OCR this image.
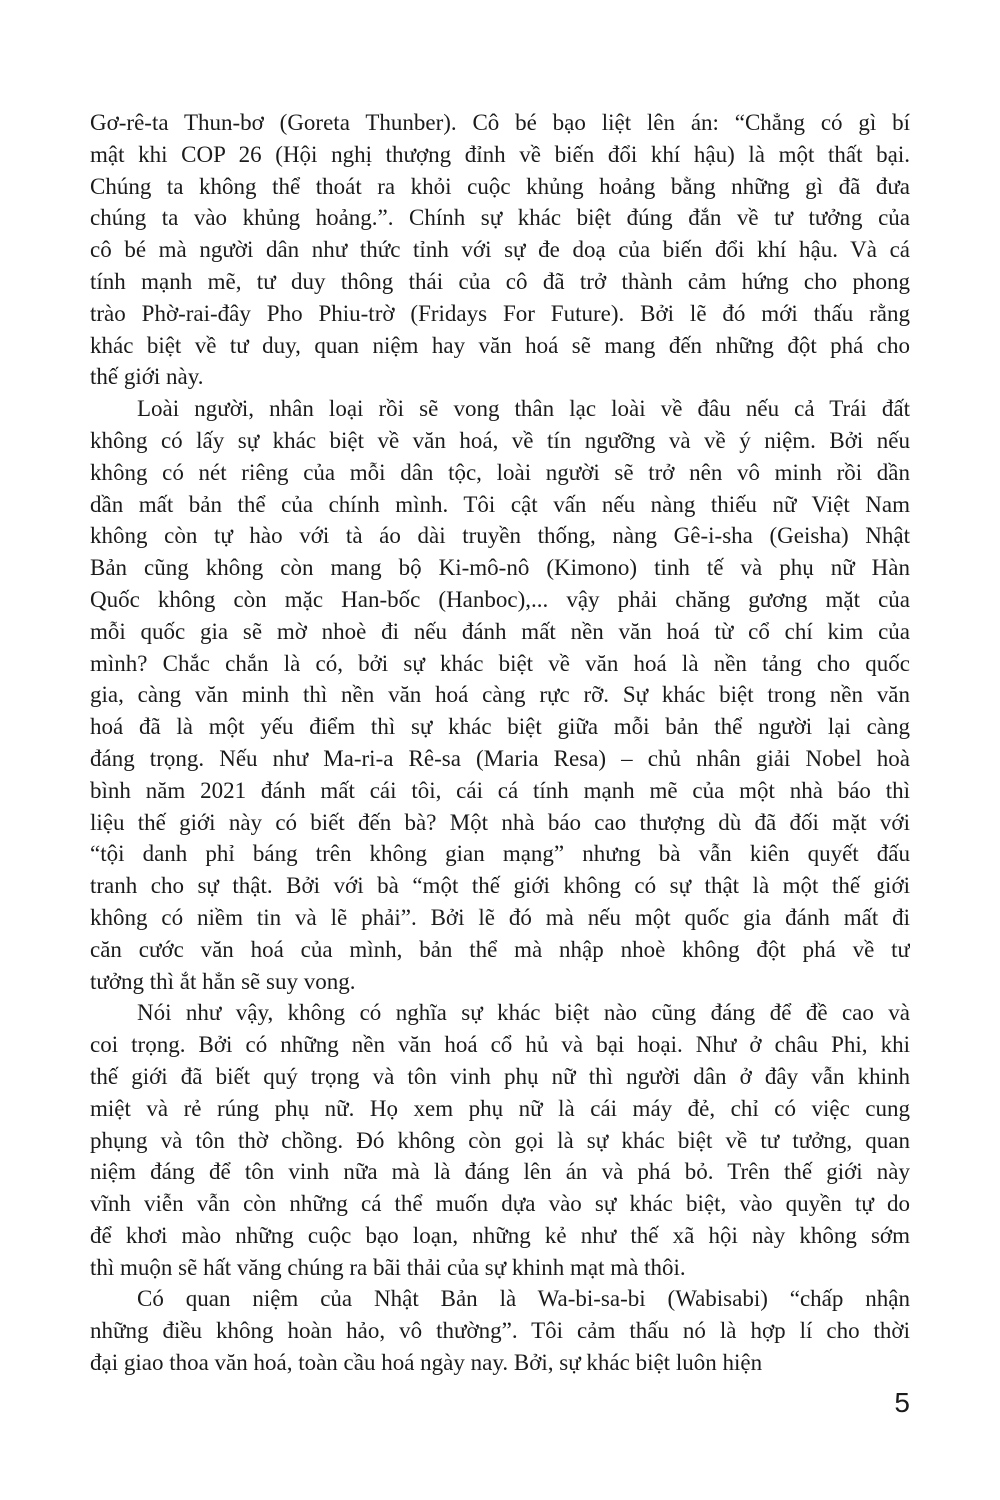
Gơ-rê-ta Thun-bơ (Goreta Thunber). Cô bé bạo liệt lên án: “Chẳng có gì bí
mật khi COP 26 (Hội nghị thượng đỉnh về biến đổi khí hậu) là một thất bại.
Chúng ta không thể thoát ra khỏi cuộc khủng hoảng bằng những gì đã đưa
chúng ta vào khủng hoảng.”. Chính sự khác biệt đúng đắn về tư tưởng của
cô bé mà người dân như thức tỉnh với sự đe doạ của biến đổi khí hậu. Và cá
tính mạnh mẽ, tư duy thông thái của cô đã trở thành cảm hứng cho phong
trào Phờ-rai-đây Pho Phiu-trờ (Fridays For Future). Bởi lẽ đó mới thấu rằng
khác biệt về tư duy, quan niệm hay văn hoá sẽ mang đến những đột phá cho
thế giới này.
Loài người, nhân loại rồi sẽ vong thân lạc loài về đâu nếu cả Trái đất
không có lấy sự khác biệt về văn hoá, về tín ngưỡng và về ý niệm. Bởi nếu
không có nét riêng của mỗi dân tộc, loài người sẽ trở nên vô minh rồi dần
dần mất bản thể của chính mình. Tôi cật vấn nếu nàng thiếu nữ Việt Nam
không còn tự hào với tà áo dài truyền thống, nàng Gê-i-sha (Geisha) Nhật
Bản cũng không còn mang bộ Ki-mô-nô (Kimono) tinh tế và phụ nữ Hàn
Quốc không còn mặc Han-bốc (Hanboc),... vậy phải chăng gương mặt của
mỗi quốc gia sẽ mờ nhoè đi nếu đánh mất nền văn hoá từ cổ chí kim của
mình? Chắc chắn là có, bởi sự khác biệt về văn hoá là nền tảng cho quốc
gia, càng văn minh thì nền văn hoá càng rực rỡ. Sự khác biệt trong nền văn
hoá đã là một yếu điểm thì sự khác biệt giữa mỗi bản thể người lại càng
đáng trọng. Nếu như Ma-ri-a Rê-sa (Maria Resa) – chủ nhân giải Nobel hoà
bình năm 2021 đánh mất cái tôi, cái cá tính mạnh mẽ của một nhà báo thì
liệu thế giới này có biết đến bà? Một nhà báo cao thượng dù đã đối mặt với
“tội danh phỉ báng trên không gian mạng” nhưng bà vẫn kiên quyết đấu
tranh cho sự thật. Bởi với bà “một thế giới không có sự thật là một thế giới
không có niềm tin và lẽ phải”. Bởi lẽ đó mà nếu một quốc gia đánh mất đi
căn cước văn hoá của mình, bản thể mà nhập nhoè không đột phá về tư
tưởng thì ắt hẳn sẽ suy vong.
Nói như vậy, không có nghĩa sự khác biệt nào cũng đáng để đề cao và
coi trọng. Bởi có những nền văn hoá cổ hủ và bại hoại. Như ở châu Phi, khi
thế giới đã biết quý trọng và tôn vinh phụ nữ thì người dân ở đây vẫn khinh
miệt và rẻ rúng phụ nữ. Họ xem phụ nữ là cái máy đẻ, chỉ có việc cung
phụng và tôn thờ chồng. Đó không còn gọi là sự khác biệt về tư tưởng, quan
niệm đáng để tôn vinh nữa mà là đáng lên án và phá bỏ. Trên thế giới này
vĩnh viễn vẫn còn những cá thể muốn dựa vào sự khác biệt, vào quyền tự do
để khơi mào những cuộc bạo loạn, những kẻ như thế xã hội này không sớm
thì muộn sẽ hất văng chúng ra bãi thải của sự khinh mạt mà thôi.
Có quan niệm của Nhật Bản là Wa-bi-sa-bi (Wabisabi) “chấp nhận
những điều không hoàn hảo, vô thường”. Tôi cảm thấu nó là hợp lí cho thời
đại giao thoa văn hoá, toàn cầu hoá ngày nay. Bởi, sự khác biệt luôn hiện
5
